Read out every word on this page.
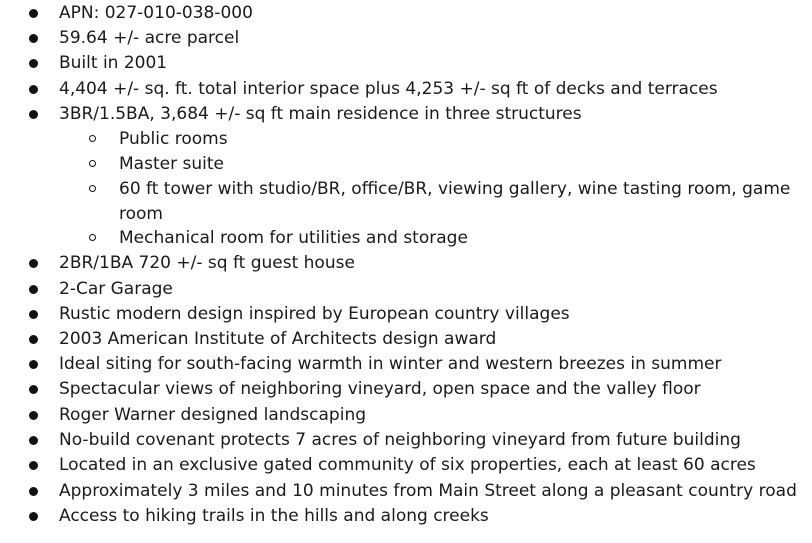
APN: 027-010-038-000
59.64 +/- acre parcel
Built in 2001
4,404 +/- sq. ft. total interior space plus 4,253 +/- sq ft of decks and terraces
3BR/1.5BA, 3,684 +/- sq ft main residence in three structures
Public rooms
Master suite
60 ft tower with studio/BR, office/BR, viewing gallery, wine tasting room, game
room
Mechanical room for utilities and storage
2BR/1BA 720 +/- sq ft guest house
2-Car Garage
Rustic modern design inspired by European country villages
2003 American Institute of Architects design award
Ideal siting for south-facing warmth in winter and western breezes in summer
Spectacular views of neighboring vineyard, open space and the valley floor
Roger Warner designed landscaping
No-build covenant protects 7 acres of neighboring vineyard from future building
Located in an exclusive gated community of six properties, each at least 60 acres
Approximately 3 miles and 10 minutes from Main Street along a pleasant country road
Access to hiking trails in the hills and along creeks
